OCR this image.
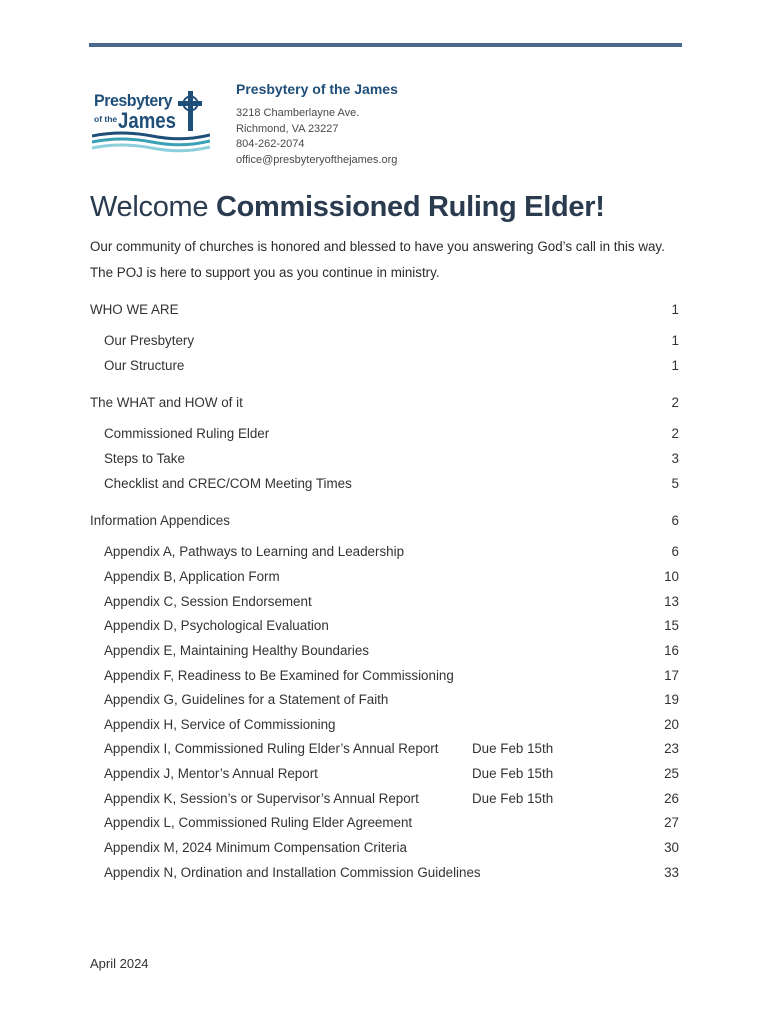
Presbytery
of the James
Presbytery of the James
3218 Chamberlayne Ave.
Richmond, VA 23227
804-262-2074
office@presbyteryofthejames.org
Welcome Commissioned Ruling Elder!
Our community of churches is honored and blessed to have you answering God’s call in this way. The POJ is here to support you as you continue in ministry.
WHO WE ARE	1
Our Presbytery	1
Our Structure	1
The WHAT and HOW of it	2
Commissioned Ruling Elder	2
Steps to Take	3
Checklist and CREC/COM Meeting Times	5
Information Appendices	6
Appendix A, Pathways to Learning and Leadership	6
Appendix B, Application Form	10
Appendix C, Session Endorsement	13
Appendix D, Psychological Evaluation	15
Appendix E, Maintaining Healthy Boundaries	16
Appendix F, Readiness to Be Examined for Commissioning	17
Appendix G, Guidelines for a Statement of Faith	19
Appendix H, Service of Commissioning	20
Appendix I, Commissioned Ruling Elder’s Annual Report	Due Feb 15th	23
Appendix J, Mentor’s Annual Report	Due Feb 15th	25
Appendix K, Session’s or Supervisor’s Annual Report	Due Feb 15th	26
Appendix L, Commissioned Ruling Elder Agreement	27
Appendix M, 2024 Minimum Compensation Criteria	30
Appendix N, Ordination and Installation Commission Guidelines	33
April 2024
